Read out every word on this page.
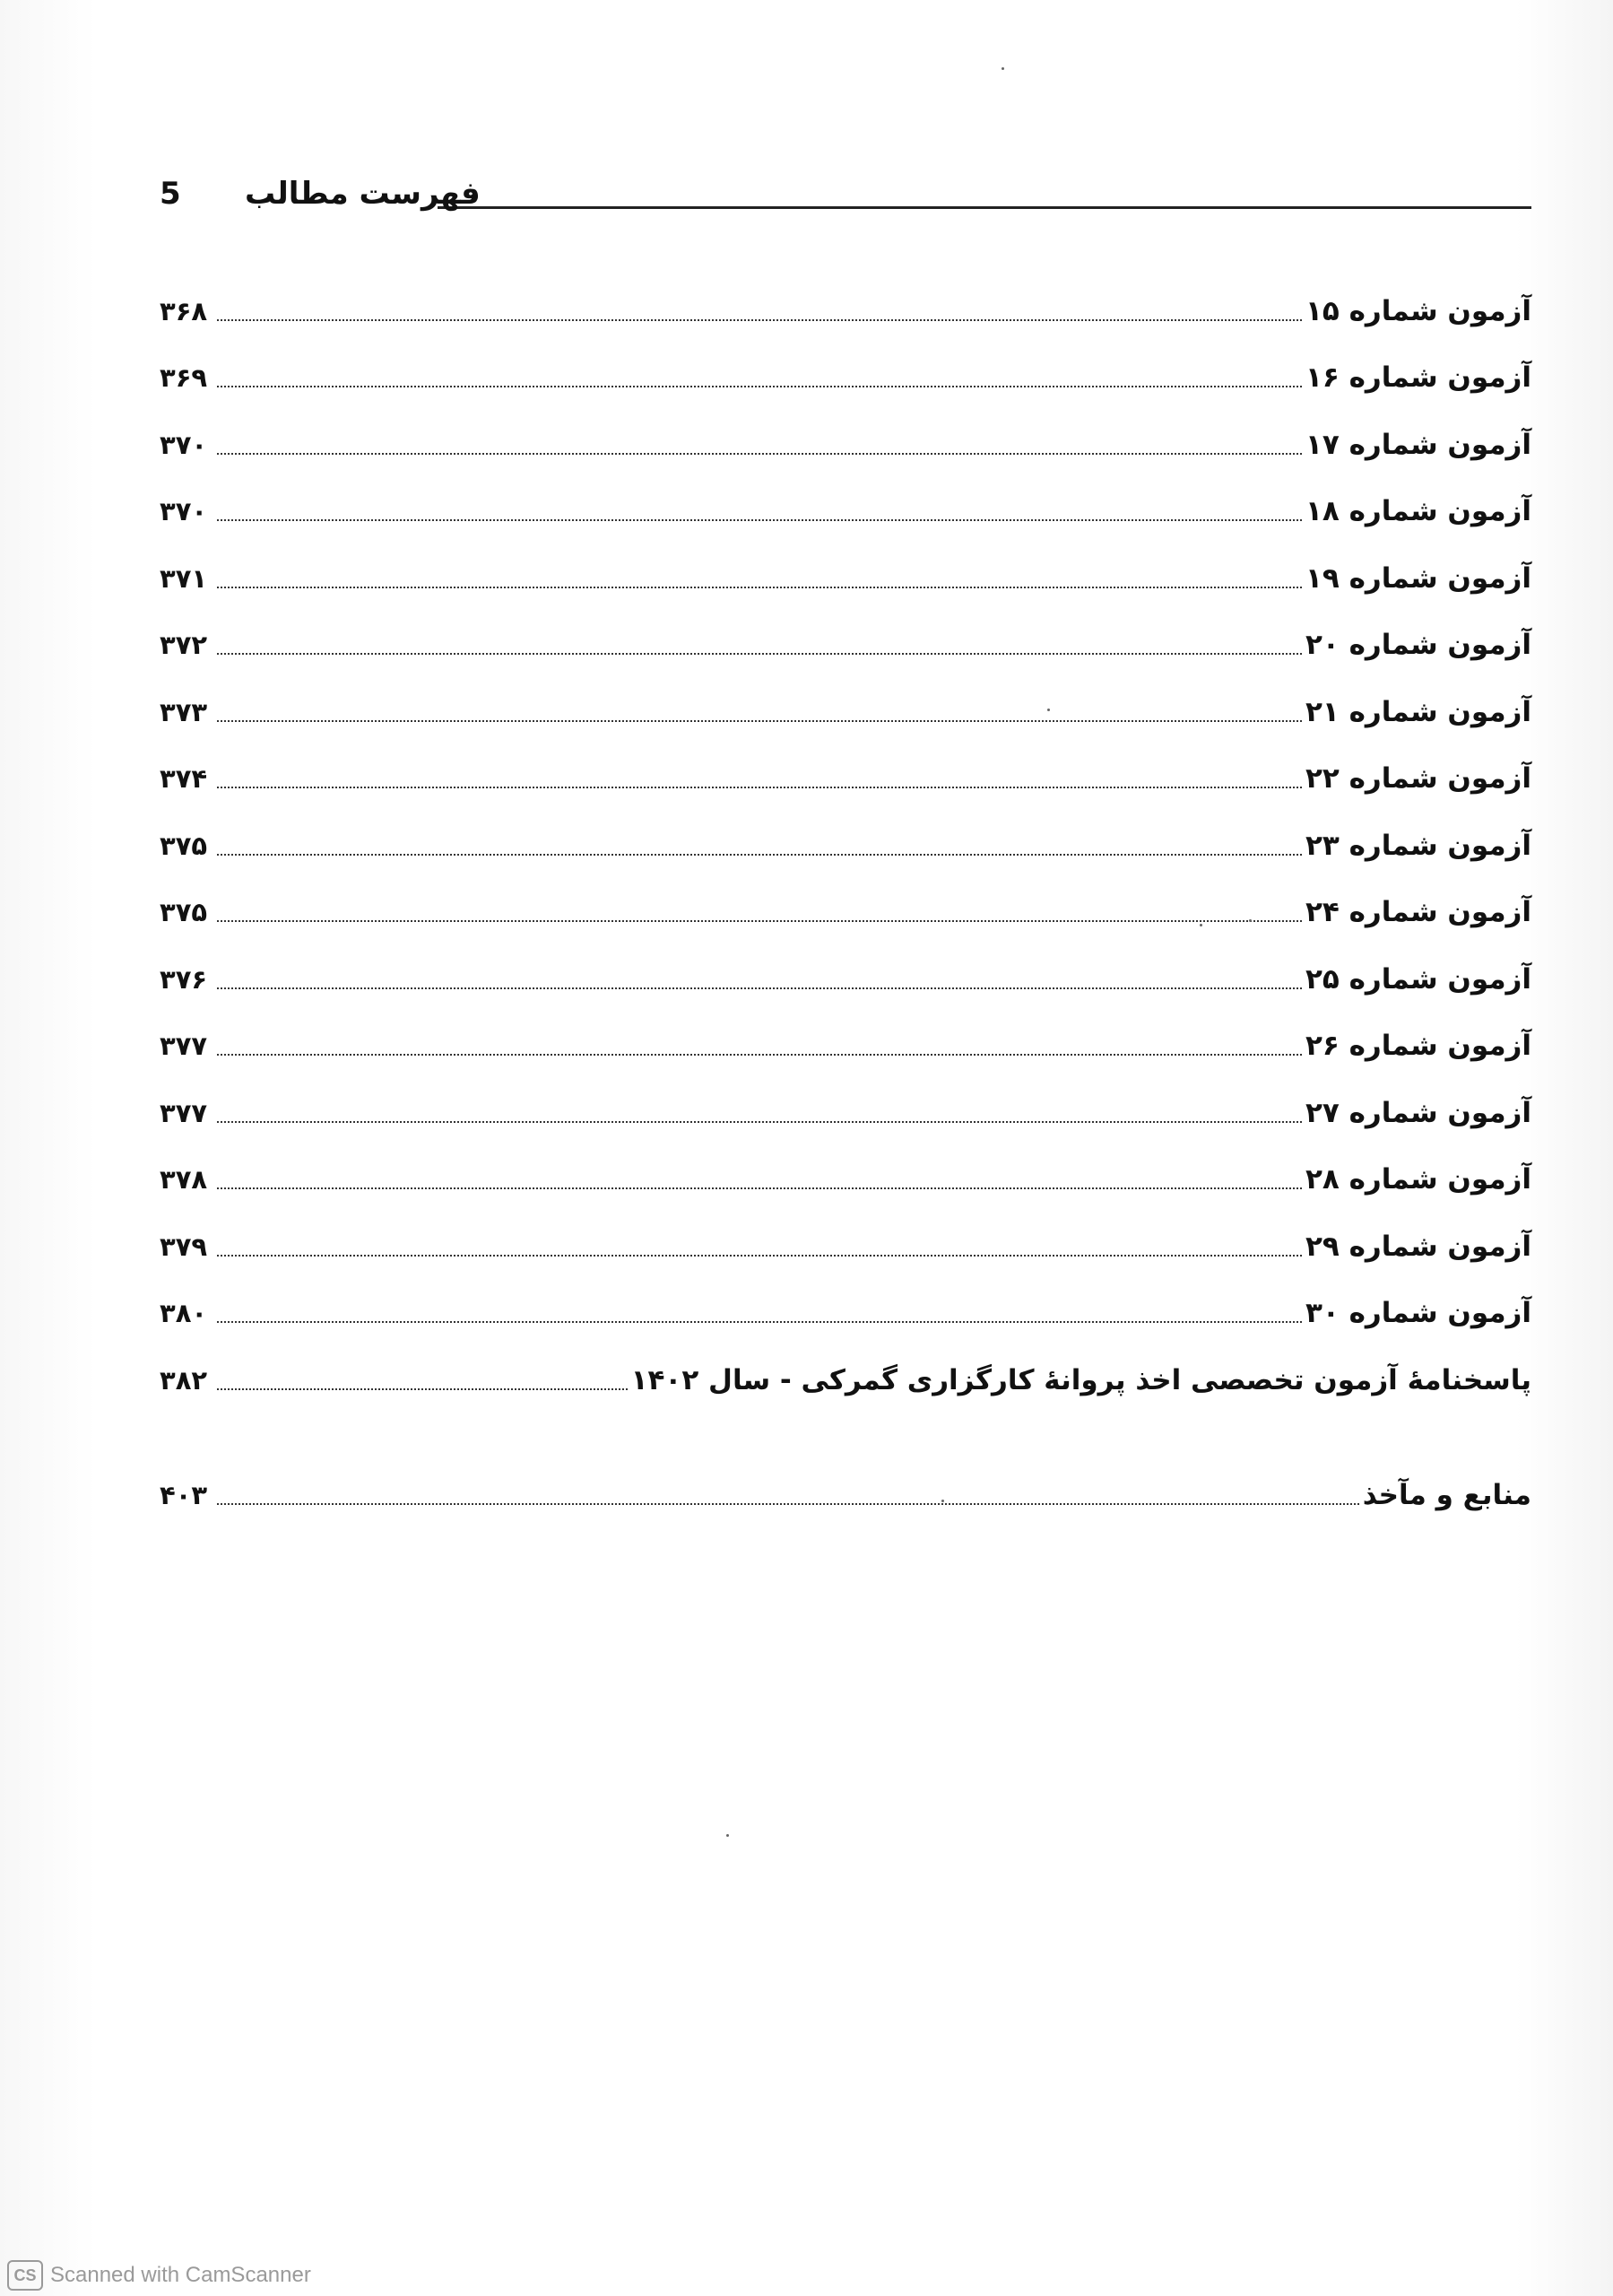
فهرست مطالب
5
آزمون شماره ۱۵
۳۶۸
آزمون شماره ۱۶
۳۶۹
آزمون شماره ۱۷
۳۷۰
آزمون شماره ۱۸
۳۷۰
آزمون شماره ۱۹
۳۷۱
آزمون شماره ۲۰
۳۷۲
آزمون شماره ۲۱
۳۷۳
آزمون شماره ۲۲
۳۷۴
آزمون شماره ۲۳
۳۷۵
آزمون شماره ۲۴
۳۷۵
آزمون شماره ۲۵
۳۷۶
آزمون شماره ۲۶
۳۷۷
آزمون شماره ۲۷
۳۷۷
آزمون شماره ۲۸
۳۷۸
آزمون شماره ۲۹
۳۷۹
آزمون شماره ۳۰
۳۸۰
پاسخنامهٔ آزمون تخصصی اخذ پروانهٔ کارگزاری گمرکی - سال ۱۴۰۲
۳۸۲
منابع و مآخذ
۴۰۳
CS Scanned with CamScanner
